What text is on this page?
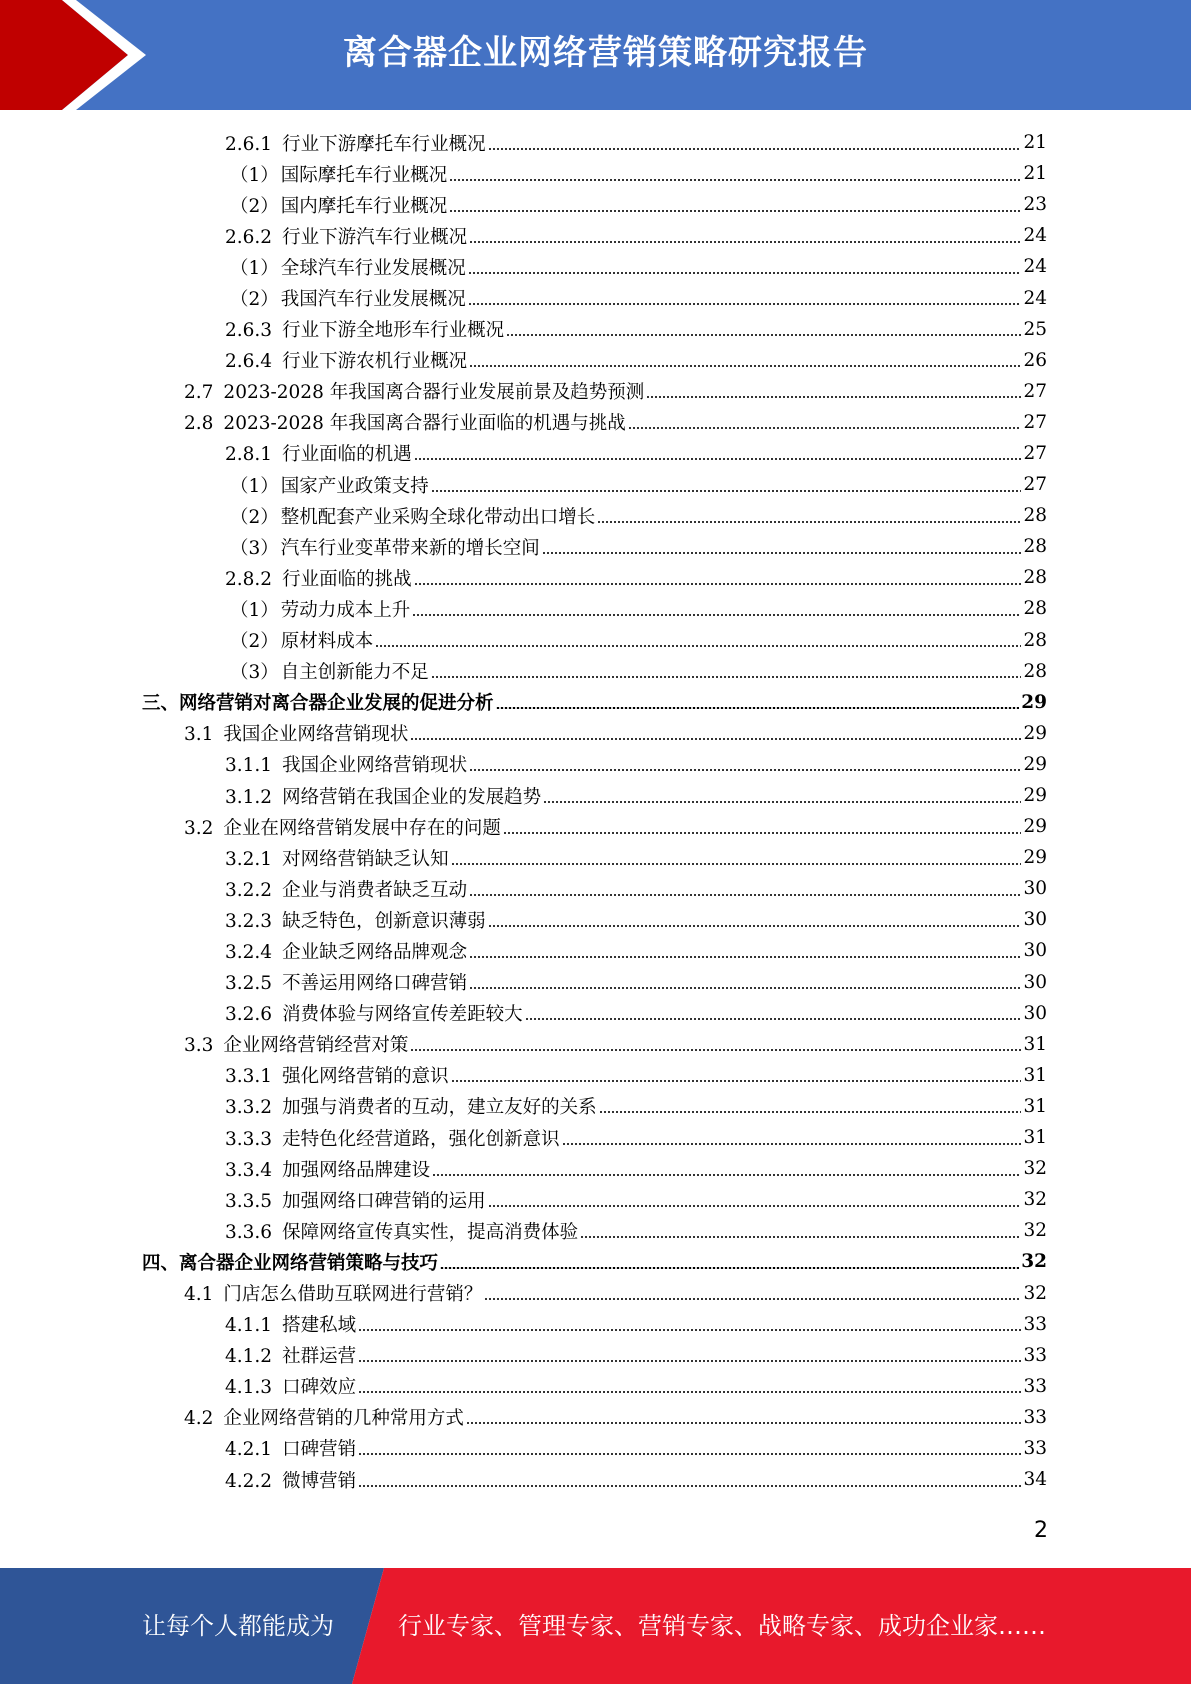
离合器企业网络营销策略研究报告
2.6.1 行业下游摩托车行业概况	21
（1） 国际摩托车行业概况	21
（2） 国内摩托车行业概况	23
2.6.2 行业下游汽车行业概况	24
（1） 全球汽车行业发展概况	24
（2） 我国汽车行业发展概况	24
2.6.3 行业下游全地形车行业概况	25
2.6.4 行业下游农机行业概况	26
2.7 2023-2028 年我国离合器行业发展前景及趋势预测	27
2.8 2023-2028 年我国离合器行业面临的机遇与挑战	27
2.8.1 行业面临的机遇	27
（1） 国家产业政策支持	27
（2） 整机配套产业采购全球化带动出口增长	28
（3） 汽车行业变革带来新的增长空间	28
2.8.2 行业面临的挑战	28
（1） 劳动力成本上升	28
（2） 原材料成本	28
（3） 自主创新能力不足	28
三、网络营销对离合器企业发展的促进分析	29
3.1 我国企业网络营销现状	29
3.1.1 我国企业网络营销现状	29
3.1.2 网络营销在我国企业的发展趋势	29
3.2 企业在网络营销发展中存在的问题	29
3.2.1 对网络营销缺乏认知	29
3.2.2 企业与消费者缺乏互动	30
3.2.3 缺乏特色，创新意识薄弱	30
3.2.4 企业缺乏网络品牌观念	30
3.2.5 不善运用网络口碑营销	30
3.2.6 消费体验与网络宣传差距较大	30
3.3 企业网络营销经营对策	31
3.3.1 强化网络营销的意识	31
3.3.2 加强与消费者的互动，建立友好的关系	31
3.3.3 走特色化经营道路，强化创新意识	31
3.3.4 加强网络品牌建设	32
3.3.5 加强网络口碑营销的运用	32
3.3.6 保障网络宣传真实性，提高消费体验	32
四、离合器企业网络营销策略与技巧	32
4.1 门店怎么借助互联网进行营销？	32
4.1.1 搭建私域	33
4.1.2 社群运营	33
4.1.3 口碑效应	33
4.2 企业网络营销的几种常用方式	33
4.2.1 口碑营销	33
4.2.2 微博营销	34
2
让每个人都能成为	行业专家、管理专家、营销专家、战略专家、成功企业家……
